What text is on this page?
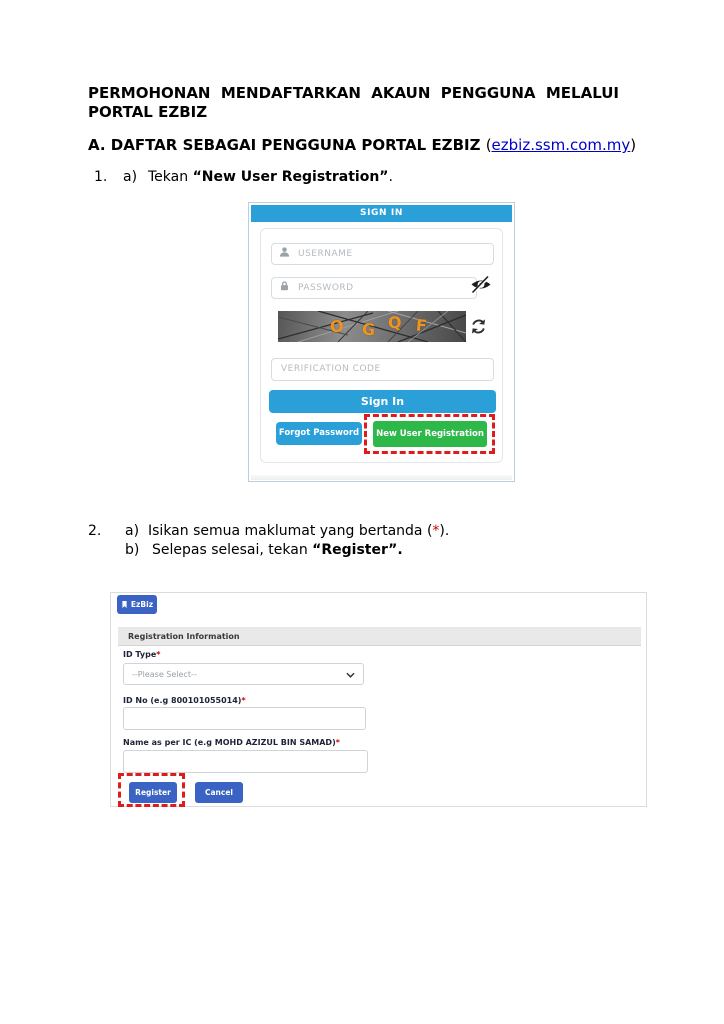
PERMOHONAN MENDAFTARKAN AKAUN PENGGUNA MELALUI
PORTAL EZBIZ
A. DAFTAR SEBAGAI PENGGUNA PORTAL EZBIZ (ezbiz.ssm.com.my)
1. a) Tekan “New User Registration”.
SIGN IN
USERNAME
O G Q F
VERIFICATION CODE
Sign In
Forgot Password	New User Registration
2. a) Isikan semua maklumat yang bertanda (*).
b) Selepas selesai, tekan “Register”.
EzBiz
Registration Information
ID Type*
--Please Select--
ID No (e.g 800101055014)*
Name as per IC (e.g MOHD AZIZUL BIN SAMAD)*
Register	Cancel
